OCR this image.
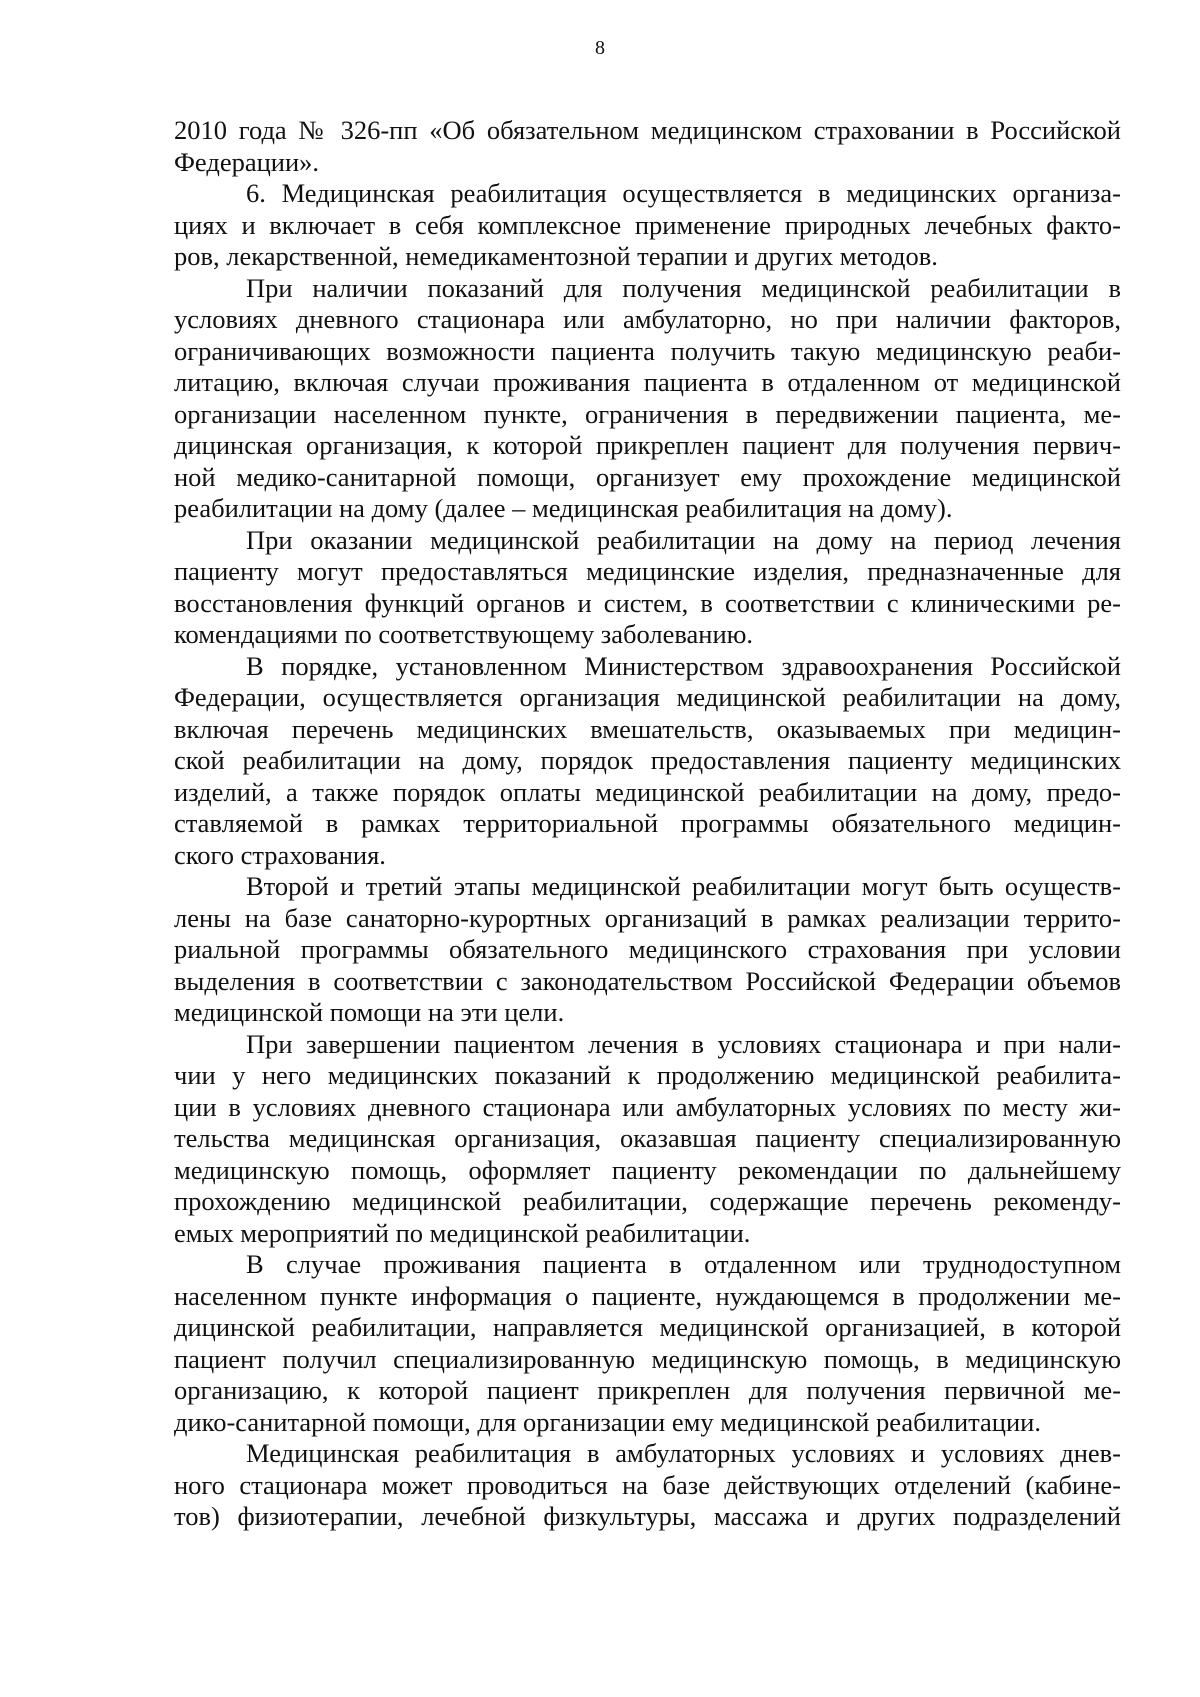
8
2010 года № 326-пп «Об обязательном медицинском страховании в Российской
Федерации».
6. Медицинская реабилитация осуществляется в медицинских организа-
циях и включает в себя комплексное применение природных лечебных факто-
ров, лекарственной, немедикаментозной терапии и других методов.
При наличии показаний для получения медицинской реабилитации в
условиях дневного стационара или амбулаторно, но при наличии факторов,
ограничивающих возможности пациента получить такую медицинскую реаби-
литацию, включая случаи проживания пациента в отдаленном от медицинской
организации населенном пункте, ограничения в передвижении пациента, ме-
дицинская организация, к которой прикреплен пациент для получения первич-
ной медико-санитарной помощи, организует ему прохождение медицинской
реабилитации на дому (далее – медицинская реабилитация на дому).
При оказании медицинской реабилитации на дому на период лечения
пациенту могут предоставляться медицинские изделия, предназначенные для
восстановления функций органов и систем, в соответствии с клиническими ре-
комендациями по соответствующему заболеванию.
В порядке, установленном Министерством здравоохранения Российской
Федерации, осуществляется организация медицинской реабилитации на дому,
включая перечень медицинских вмешательств, оказываемых при медицин-
ской реабилитации на дому, порядок предоставления пациенту медицинских
изделий, а также порядок оплаты медицинской реабилитации на дому, предо-
ставляемой в рамках территориальной программы обязательного медицин-
ского страхования.
Второй и третий этапы медицинской реабилитации могут быть осуществ-
лены на базе санаторно-курортных организаций в рамках реализации террито-
риальной программы обязательного медицинского страхования при условии
выделения в соответствии с законодательством Российской Федерации объемов
медицинской помощи на эти цели.
При завершении пациентом лечения в условиях стационара и при нали-
чии у него медицинских показаний к продолжению медицинской реабилита-
ции в условиях дневного стационара или амбулаторных условиях по месту жи-
тельства медицинская организация, оказавшая пациенту специализированную
медицинскую помощь, оформляет пациенту рекомендации по дальнейшему
прохождению медицинской реабилитации, содержащие перечень рекоменду-
емых мероприятий по медицинской реабилитации.
В случае проживания пациента в отдаленном или труднодоступном
населенном пункте информация о пациенте, нуждающемся в продолжении ме-
дицинской реабилитации, направляется медицинской организацией, в которой
пациент получил специализированную медицинскую помощь, в медицинскую
организацию, к которой пациент прикреплен для получения первичной ме-
дико-санитарной помощи, для организации ему медицинской реабилитации.
Медицинская реабилитация в амбулаторных условиях и условиях днев-
ного стационара может проводиться на базе действующих отделений (кабине-
тов) физиотерапии, лечебной физкультуры, массажа и других подразделений
